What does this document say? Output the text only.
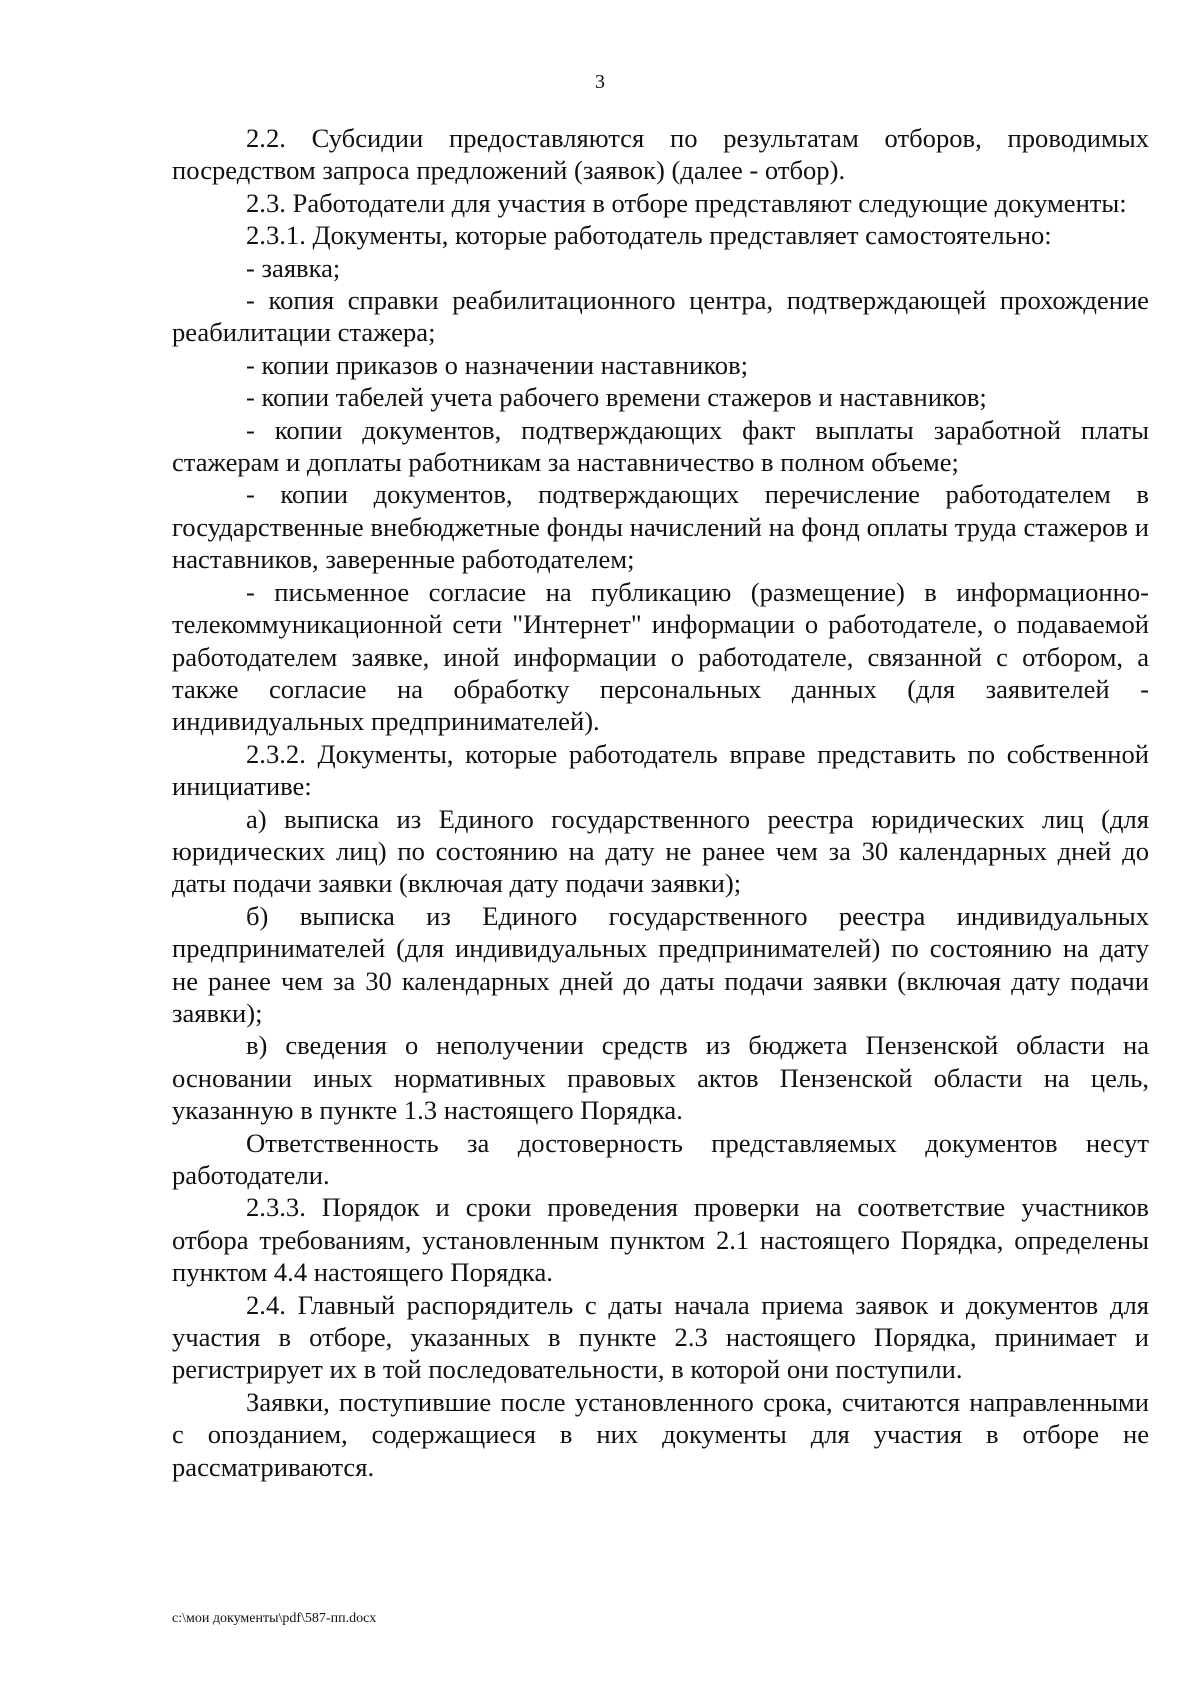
3

2.2. Субсидии предоставляются по результатам отборов, проводимых посредством запроса предложений (заявок) (далее - отбор).

2.3. Работодатели для участия в отборе представляют следующие документы:

2.3.1. Документы, которые работодатель представляет самостоятельно:

- заявка;

- копия справки реабилитационного центра, подтверждающей прохождение реабилитации стажера;

- копии приказов о назначении наставников;

- копии табелей учета рабочего времени стажеров и наставников;

- копии документов, подтверждающих факт выплаты заработной платы стажерам и доплаты работникам за наставничество в полном объеме;

- копии документов, подтверждающих перечисление работодателем в государственные внебюджетные фонды начислений на фонд оплаты труда стажеров и наставников, заверенные работодателем;

- письменное согласие на публикацию (размещение) в информационно-телекоммуникационной сети "Интернет" информации о работодателе, о подаваемой работодателем заявке, иной информации о работодателе, связанной с отбором, а также согласие на обработку персональных данных (для заявителей - индивидуальных предпринимателей).

2.3.2. Документы, которые работодатель вправе представить по собственной инициативе:

а) выписка из Единого государственного реестра юридических лиц (для юридических лиц) по состоянию на дату не ранее чем за 30 календарных дней до даты подачи заявки (включая дату подачи заявки);

б) выписка из Единого государственного реестра индивидуальных предпринимателей (для индивидуальных предпринимателей) по состоянию на дату не ранее чем за 30 календарных дней до даты подачи заявки (включая дату подачи заявки);

в) сведения о неполучении средств из бюджета Пензенской области на основании иных нормативных правовых актов Пензенской области на цель, указанную в пункте 1.3 настоящего Порядка.

Ответственность за достоверность представляемых документов несут работодатели.

2.3.3. Порядок и сроки проведения проверки на соответствие участников отбора требованиям, установленным пунктом 2.1 настоящего Порядка, определены пунктом 4.4 настоящего Порядка.

2.4. Главный распорядитель с даты начала приема заявок и документов для участия в отборе, указанных в пункте 2.3 настоящего Порядка, принимает и регистрирует их в той последовательности, в которой они поступили.

Заявки, поступившие после установленного срока, считаются направленными с опозданием, содержащиеся в них документы для участия в отборе не рассматриваются.

c:\мои документы\pdf\587-пп.docx
